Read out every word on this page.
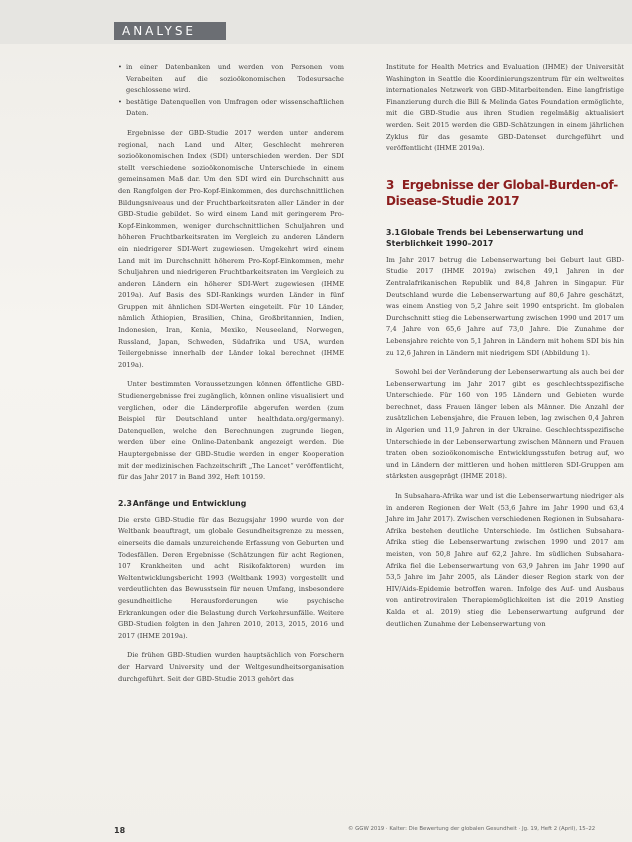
ANALYSE
• in einer Datenbanken und werden von Personen vom Verabeiten auf die sozioökonomischen Todesursache geschlossene wird.
• bestätige Datenquellen von Umfragen oder wissenschaftlichen Daten.

Ergebnisse der GBD-Studie 2017 werden unter anderem regional, nach Land und Alter, Geschlecht mehreren sozioökonomischen Index (SDI) unterschieden werden. Der SDI stellt verschiedene sozioökonomische Unterschiede in einem gemeinsamen Maß dar. Um den SDI wird ein Durchschnitt aus den Rangfolgen der Pro-Kopf-Einkommen, des durchschnittlichen Bildungsniveaus und der Fruchtbarkeitsraten aller Länder in der GBD-Studie gebildet. So wird einem Land mit geringerem Pro-Kopf-Einkommen, weniger durchschnittlichen Schuljahren und höheren Fruchtbarkeitsraten im Vergleich zu anderen Ländern ein niedrigerer SDI-Wert zugewiesen. Umgekehrt wird einem Land mit im Durchschnitt höherem Pro-Kopf-Einkommen, mehr Schuljahren und niedrigeren Fruchtbarkeitsraten im Vergleich zu anderen Ländern ein höherer SDI-Wert zugewiesen (IHME 2019a). Auf Basis des SDI-Rankings wurden Länder in fünf Gruppen mit ähnlichen SDI-Werten eingeteilt. Für 10 Länder, nämlich Äthiopien, Brasilien, China, Großbritannien, Indien, Indonesien, Iran, Kenia, Mexiko, Neuseeland, Norwegen, Russland, Japan, Schweden, Südafrika und USA, wurden Teilergebnisse innerhalb der Länder lokal berechnet (IHME 2019a).

Unter bestimmten Voraussetzungen können öffentliche GBD-Studienergebnisse frei zugänglich, können online visualisiert und verglichen, oder die Länderprofile abgerufen werden (zum Beispiel für Deutschland unter healthdata.org/germany). Datenquellen, welche den Berechnungen zugrunde liegen, werden über eine Online-Datenbank angezeigt werden. Die Hauptergebnisse der GBD-Studie werden in enger Kooperation mit der medizinischen Fachzeitschrift „The Lancet“ veröffentlicht, für das Jahr 2017 in Band 392, Heft 10159.

2.3 Anfänge und Entwicklung

Die erste GBD-Studie für das Bezugsjahr 1990 wurde von der Weltbank beauftragt, um globale Gesundheitsgrenze zu messen, einerseits die damals unzureichende Erfassung von Geburten und Todesfällen. Deren Ergebnisse (Schätzungen für acht Regionen, 107 Krankheiten und acht Risikofaktoren) wurden im Weltentwicklungsbericht 1993 (Weltbank 1993) vorgestellt und verdeutlichten das Bewusstsein für neuen Umfang, insbesondere gesundheitliche Herausforderungen wie psychische Erkrankungen oder die Belastung durch Verkehrsunfälle. Weitere GBD-Studien folgten in den Jahren 2010, 2013, 2015, 2016 und 2017 (IHME 2019a).

Die frühen GBD-Studien wurden hauptsächlich von Forschern der Harvard University und der Weltgesundheitsorganisation durchgeführt. Seit der GBD-Studie 2013 gehört das

Institute for Health Metrics and Evaluation (IHME) der Universität Washington in Seattle die Koordinierungszentrum für ein weltweites internationales Netzwerk von GBD-Mitarbeitenden. Eine langfristige Finanzierung durch die Bill & Melinda Gates Foundation ermöglichte, mit die GBD-Studie aus ihren Studien regelmäßig aktualisiert werden. Seit 2015 werden die GBD-Schätzungen in einem jährlichen Zyklus für das gesamte GBD-Datenset durchgeführt und veröffentlicht (IHME 2019a).

3 Ergebnisse der Global-Burden-of-Disease-Studie 2017
3.1 Globale Trends bei Lebenserwartung und Sterblichkeit 1990–2017

Im Jahr 2017 betrug die Lebenserwartung bei Geburt laut GBD-Studie 2017 (IHME 2019a) zwischen 49,1 Jahren in der Zentralafrikanischen Republik und 84,8 Jahren in Singapur. Für Deutschland wurde die Lebenserwartung auf 80,6 Jahre geschätzt, was einem Anstieg von 5,2 Jahre seit 1990 entspricht. Im globalen Durchschnitt stieg die Lebenserwartung zwischen 1990 und 2017 um 7,4 Jahre von 65,6 Jahre auf 73,0 Jahre. Die Zunahme der Lebensjahre reichte von 5,1 Jahren in Ländern mit hohem SDI bis hin zu 12,6 Jahren in Ländern mit niedrigem SDI (Abbildung 1).

Sowohl bei der Veränderung der Lebenserwartung als auch bei der Lebenserwartung im Jahr 2017 gibt es geschlechtsspezifische Unterschiede. Für 160 von 195 Ländern und Gebieten wurde berechnet, dass Frauen länger leben als Männer. Die Anzahl der zusätzlichen Lebensjahre, die Frauen leben, lag zwischen 0,4 Jahren in Algerien und 11,9 Jahren in der Ukraine. Geschlechtsspezifische Unterschiede in der Lebenserwartung zwischen Männern und Frauen traten oben sozioökonomische Entwicklungsstufen betrug auf, wo und in Ländern der mittleren und hohen mittleren SDI-Gruppen am stärksten ausgeprägt (IHME 2018).

In Subsahara-Afrika war und ist die Lebenserwartung niedriger als in anderen Regionen der Welt (53,6 Jahre im Jahr 1990 und 63,4 Jahre im Jahr 2017). Zwischen verschiedenen Regionen in Subsahara-Afrika bestehen deutliche Unterschiede. Im östlichen Subsahara-Afrika stieg die Lebenserwartung zwischen 1990 und 2017 am meisten, von 50,8 Jahre auf 62,2 Jahre. Im südlichen Subsahara-Afrika fiel die Lebenserwartung von 63,9 Jahren im Jahr 1990 auf 53,5 Jahre im Jahr 2005, als Länder dieser Region stark von der HIV/Aids-Epidemie betroffen waren. Infolge des Auf- und Ausbaus von antiretroviralen Therapiemöglichkeiten ist die 2019 Anstieg Kalda et al. 2019) stieg die Lebenserwartung aufgrund der deutlichen Zunahme der Lebenserwartung von

18	© GGW 2019 · Kalter: Die Bewertung der globalen Gesundheit · Jg. 19, Heft 2 (April), 15–22
